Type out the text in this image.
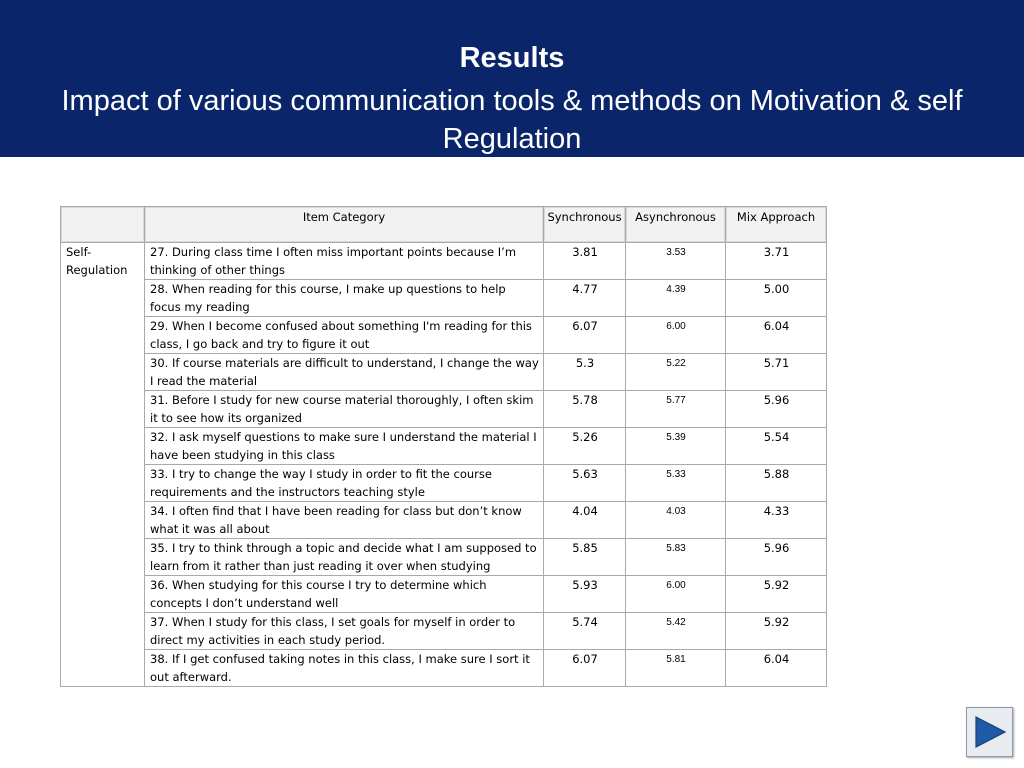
Results
Impact of various communication tools & methods on Motivation & self Regulation
	Item Category	Synchronous	Asynchronous	Mix Approach
Self-Regulation	27. During class time I often miss important points because I’m thinking of other things	3.81	3.53	3.71
	28. When reading for this course, I make up questions to help focus my reading	4.77	4.39	5.00
	29. When I become confused about something I'm reading for this class, I go back and try to figure it out	6.07	6.00	6.04
	30. If course materials are difficult to understand, I change the way I read the material	5.3	5.22	5.71
	31. Before I study for new course material thoroughly, I often skim it to see how its organized	5.78	5.77	5.96
	32. I ask myself questions to make sure I understand the material I have been studying in this class	5.26	5.39	5.54
	33. I try to change the way I study in order to fit the course requirements and the instructors teaching style	5.63	5.33	5.88
	34. I often find that I have been reading for class but don’t know what it was all about	4.04	4.03	4.33
	35. I try to think through a topic and decide what I am supposed to learn from it rather than just reading it over when studying	5.85	5.83	5.96
	36. When studying for this course I try to determine which concepts I don’t understand well	5.93	6.00	5.92
	37. When I study for this class, I set goals for myself in order to direct my activities in each study period.	5.74	5.42	5.92
	38. If I get confused taking notes in this class, I make sure I sort it out afterward.	6.07	5.81	6.04
